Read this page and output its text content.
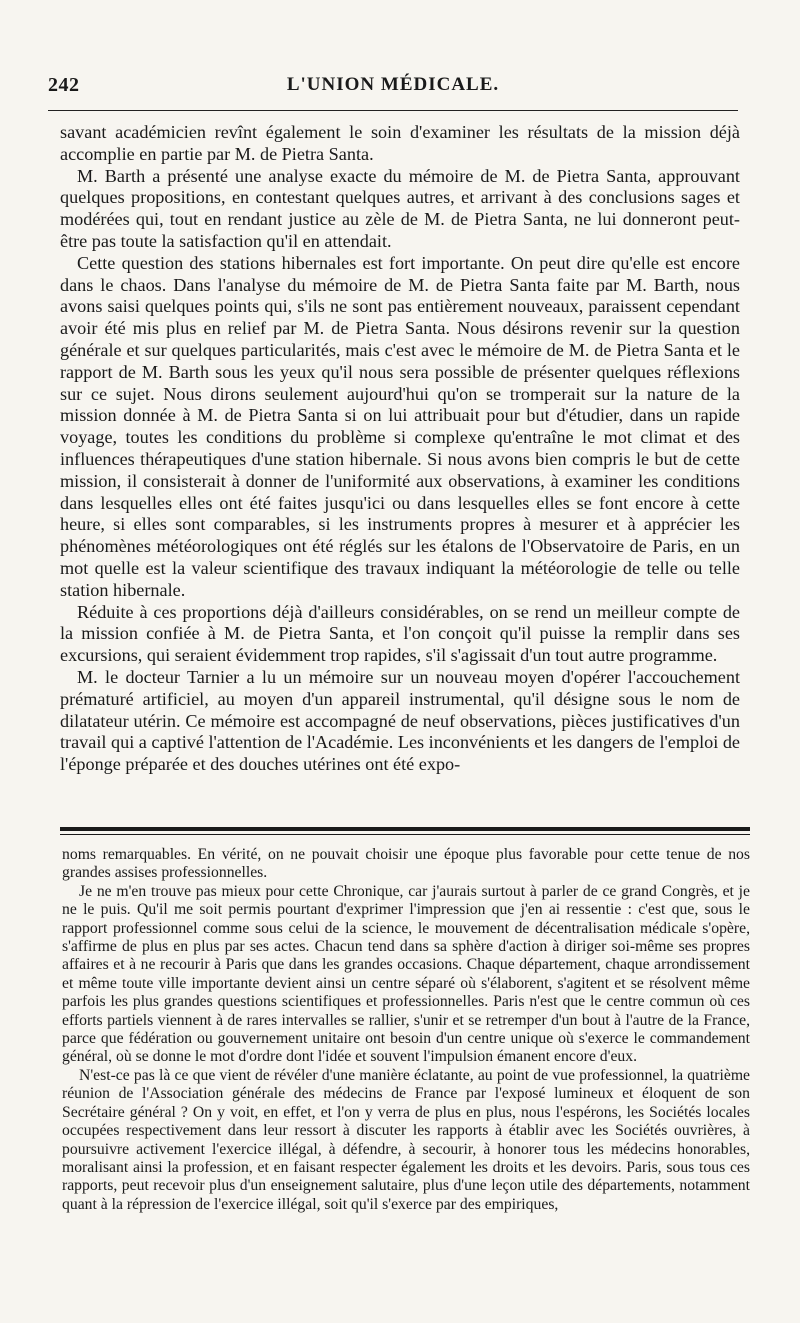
242	L'UNION MÉDICALE.

savant académicien revînt également le soin d'examiner les résultats de la mission déjà accomplie en partie par M. de Pietra Santa.

M. Barth a présenté une analyse exacte du mémoire de M. de Pietra Santa, approuvant quelques propositions, en contestant quelques autres, et arrivant à des conclusions sages et modérées qui, tout en rendant justice au zèle de M. de Pietra Santa, ne lui donneront peut-être pas toute la satisfaction qu'il en attendait.

Cette question des stations hibernales est fort importante. On peut dire qu'elle est encore dans le chaos. Dans l'analyse du mémoire de M. de Pietra Santa faite par M. Barth, nous avons saisi quelques points qui, s'ils ne sont pas entièrement nouveaux, paraissent cependant avoir été mis plus en relief par M. de Pietra Santa. Nous désirons revenir sur la question générale et sur quelques particularités, mais c'est avec le mémoire de M. de Pietra Santa et le rapport de M. Barth sous les yeux qu'il nous sera possible de présenter quelques réflexions sur ce sujet. Nous dirons seulement aujourd'hui qu'on se tromperait sur la nature de la mission donnée à M. de Pietra Santa si on lui attribuait pour but d'étudier, dans un rapide voyage, toutes les conditions du problème si complexe qu'entraîne le mot climat et des influences thérapeutiques d'une station hibernale. Si nous avons bien compris le but de cette mission, il consisterait à donner de l'uniformité aux observations, à examiner les conditions dans lesquelles elles ont été faites jusqu'ici ou dans lesquelles elles se font encore à cette heure, si elles sont comparables, si les instruments propres à mesurer et à apprécier les phénomènes météorologiques ont été réglés sur les étalons de l'Observatoire de Paris, en un mot quelle est la valeur scientifique des travaux indiquant la météorologie de telle ou telle station hibernale.

Réduite à ces proportions déjà d'ailleurs considérables, on se rend un meilleur compte de la mission confiée à M. de Pietra Santa, et l'on conçoit qu'il puisse la remplir dans ses excursions, qui seraient évidemment trop rapides, s'il s'agissait d'un tout autre programme.

M. le docteur Tarnier a lu un mémoire sur un nouveau moyen d'opérer l'accouchement prématuré artificiel, au moyen d'un appareil instrumental, qu'il désigne sous le nom de dilatateur utérin. Ce mémoire est accompagné de neuf observations, pièces justificatives d'un travail qui a captivé l'attention de l'Académie. Les inconvénients et les dangers de l'emploi de l'éponge préparée et des douches utérines ont été expo-

noms remarquables. En vérité, on ne pouvait choisir une époque plus favorable pour cette tenue de nos grandes assises professionnelles.

Je ne m'en trouve pas mieux pour cette Chronique, car j'aurais surtout à parler de ce grand Congrès, et je ne le puis. Qu'il me soit permis pourtant d'exprimer l'impression que j'en ai ressentie : c'est que, sous le rapport professionnel comme sous celui de la science, le mouvement de décentralisation médicale s'opère, s'affirme de plus en plus par ses actes. Chacun tend dans sa sphère d'action à diriger soi-même ses propres affaires et à ne recourir à Paris que dans les grandes occasions. Chaque département, chaque arrondissement et même toute ville importante devient ainsi un centre séparé où s'élaborent, s'agitent et se résolvent même parfois les plus grandes questions scientifiques et professionnelles. Paris n'est que le centre commun où ces efforts partiels viennent à de rares intervalles se rallier, s'unir et se retremper d'un bout à l'autre de la France, parce que fédération ou gouvernement unitaire ont besoin d'un centre unique où s'exerce le commandement général, où se donne le mot d'ordre dont l'idée et souvent l'impulsion émanent encore d'eux.

N'est-ce pas là ce que vient de révéler d'une manière éclatante, au point de vue professionnel, la quatrième réunion de l'Association générale des médecins de France par l'exposé lumineux et éloquent de son Secrétaire général ? On y voit, en effet, et l'on y verra de plus en plus, nous l'espérons, les Sociétés locales occupées respectivement dans leur ressort à discuter les rapports à établir avec les Sociétés ouvrières, à poursuivre activement l'exercice illégal, à défendre, à secourir, à honorer tous les médecins honorables, moralisant ainsi la profession, et en faisant respecter également les droits et les devoirs. Paris, sous tous ces rapports, peut recevoir plus d'un enseignement salutaire, plus d'une leçon utile des départements, notamment quant à la répression de l'exercice illégal, soit qu'il s'exerce par des empiriques,
